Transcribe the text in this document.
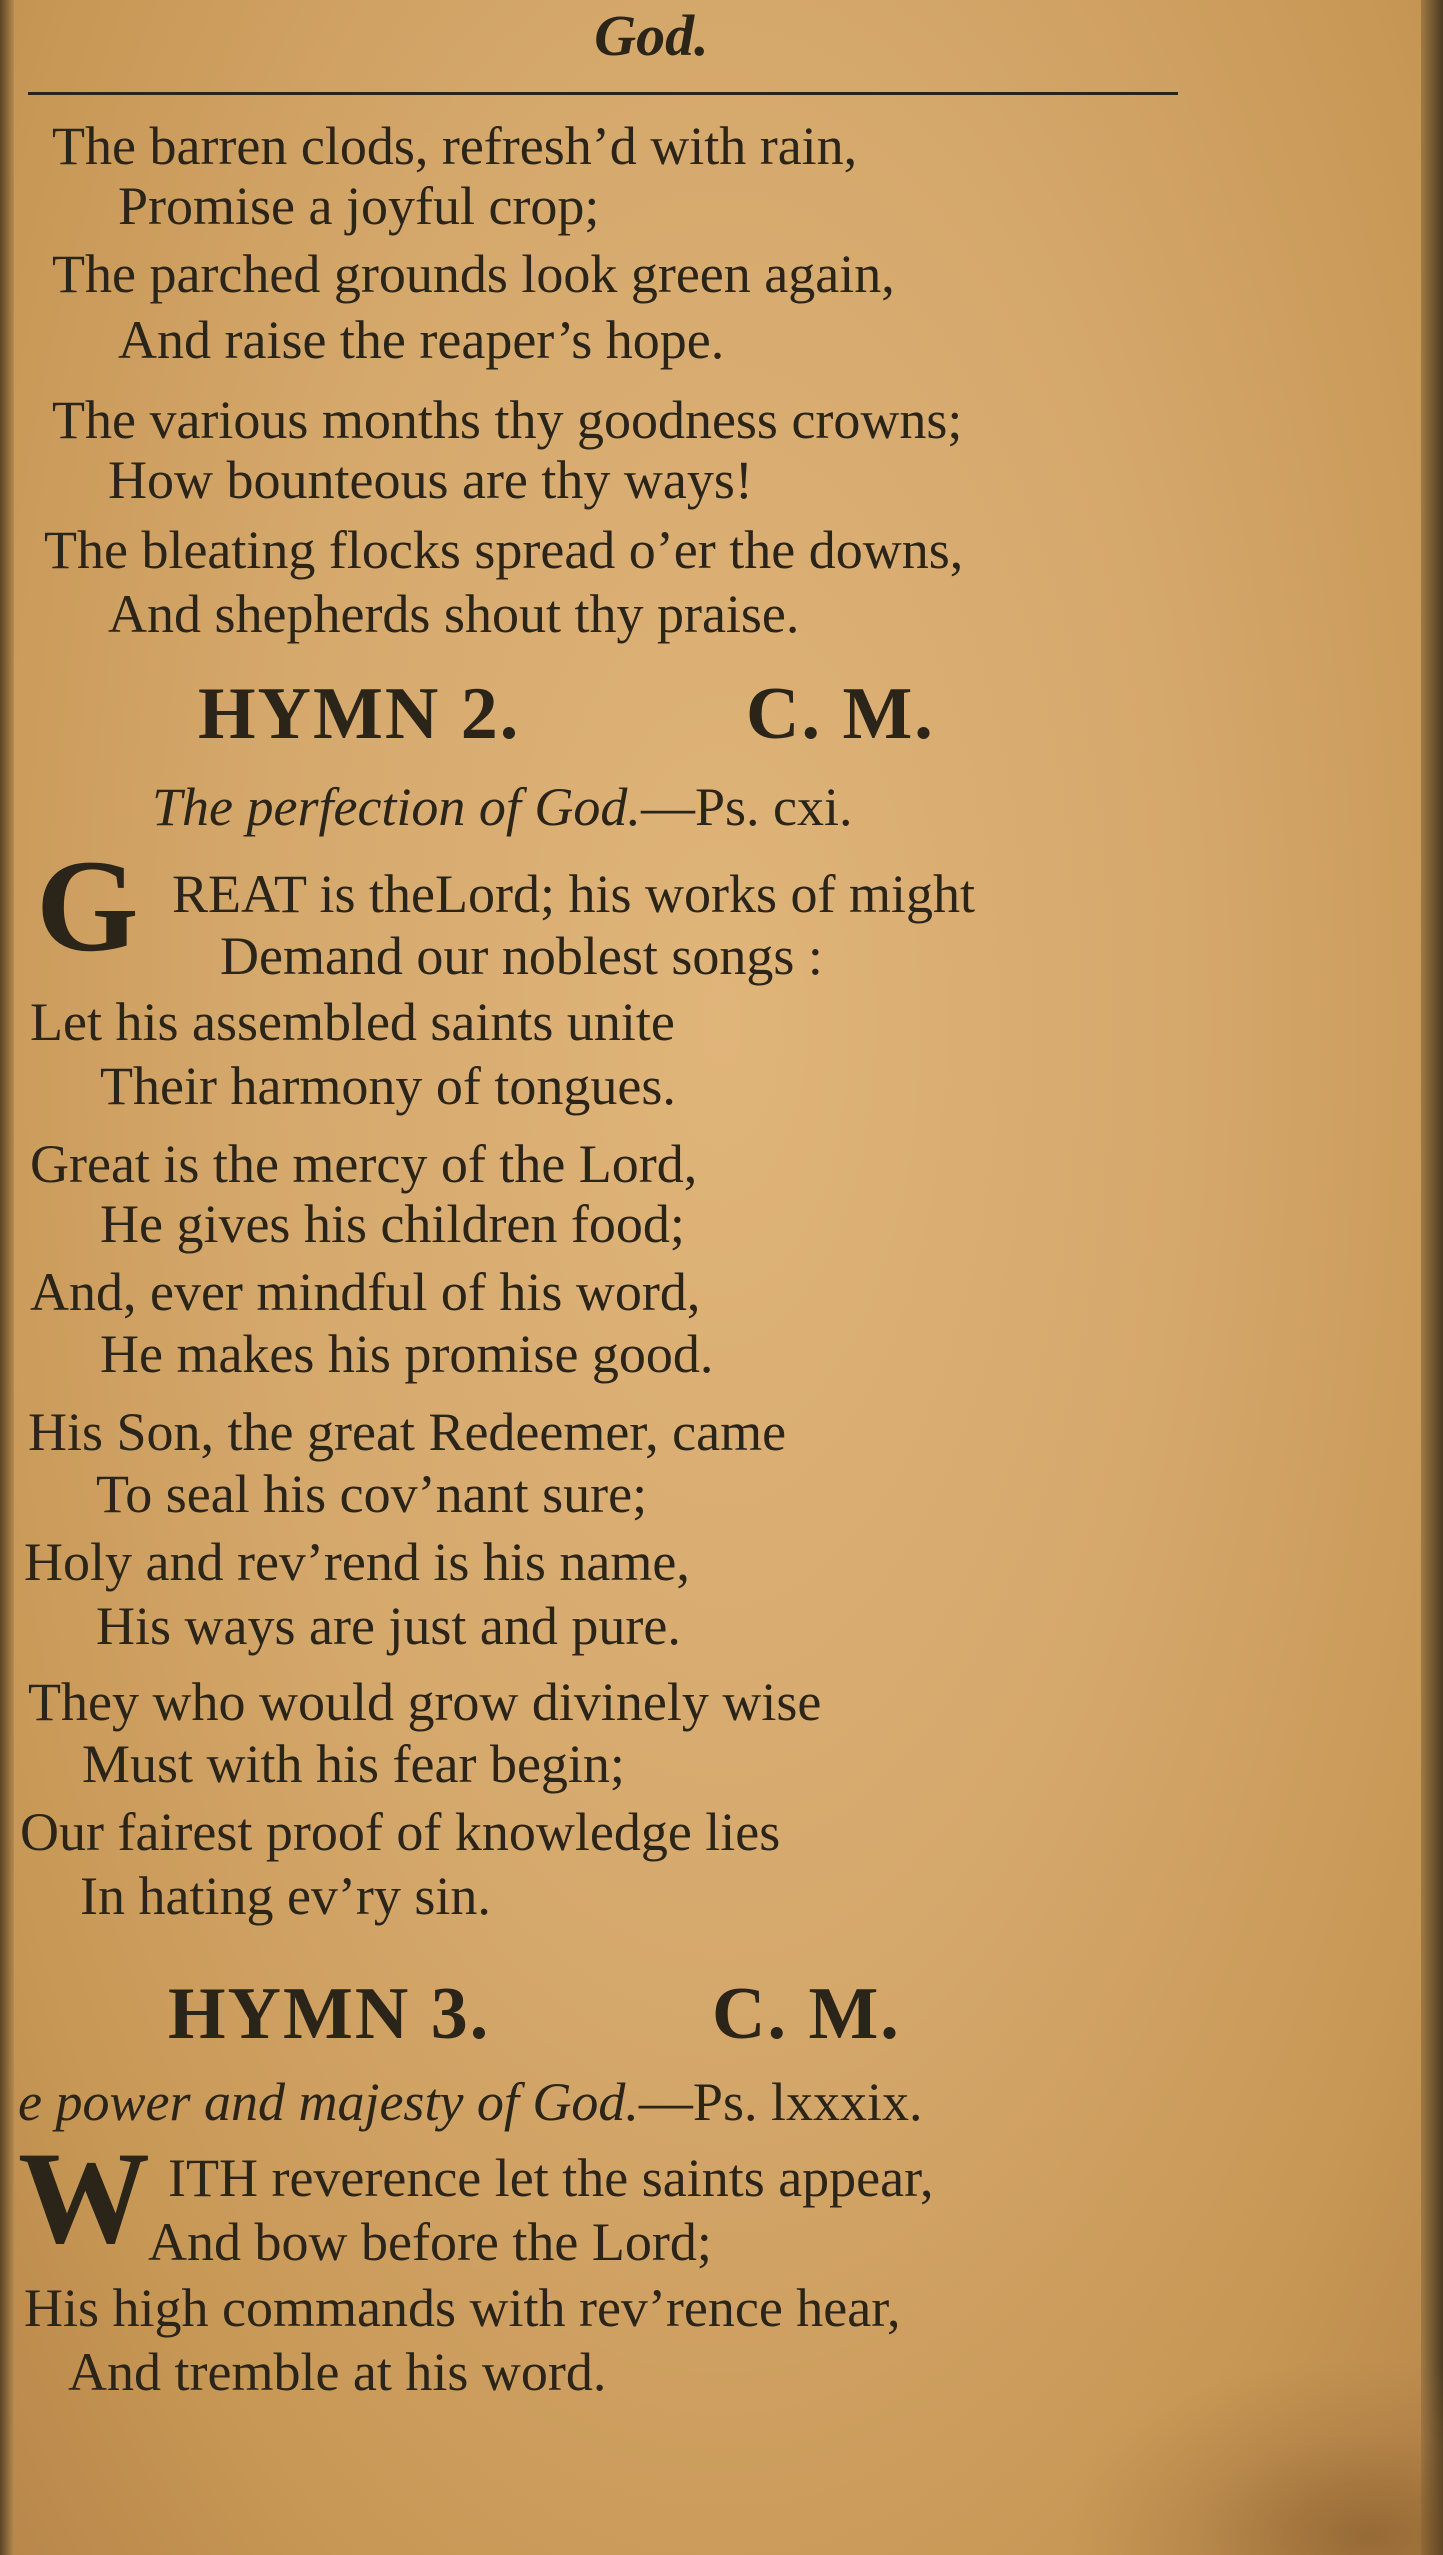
God.
The barren clods, refresh’d with rain,
Promise a joyful crop;
The parched grounds look green again,
And raise the reaper’s hope.
The various months thy goodness crowns;
How bounteous are thy ways!
The bleating flocks spread o’er the downs,
And shepherds shout thy praise.
HYMN 2.	C. M.
The perfection of God.—Ps. cxi.
G REAT is theLord; his works of might
Demand our noblest songs :
Let his assembled saints unite
Their harmony of tongues.
Great is the mercy of the Lord,
He gives his children food;
And, ever mindful of his word,
He makes his promise good.
His Son, the great Redeemer, came
To seal his cov’nant sure;
Holy and rev’rend is his name,
His ways are just and pure.
They who would grow divinely wise
Must with his fear begin;
Our fairest proof of knowledge lies
In hating ev’ry sin.
HYMN 3.	C. M.
e power and majesty of God.—Ps. lxxxix.
W ITH reverence let the saints appear,
And bow before the Lord;
His high commands with rev’rence hear,
And tremble at his word.
